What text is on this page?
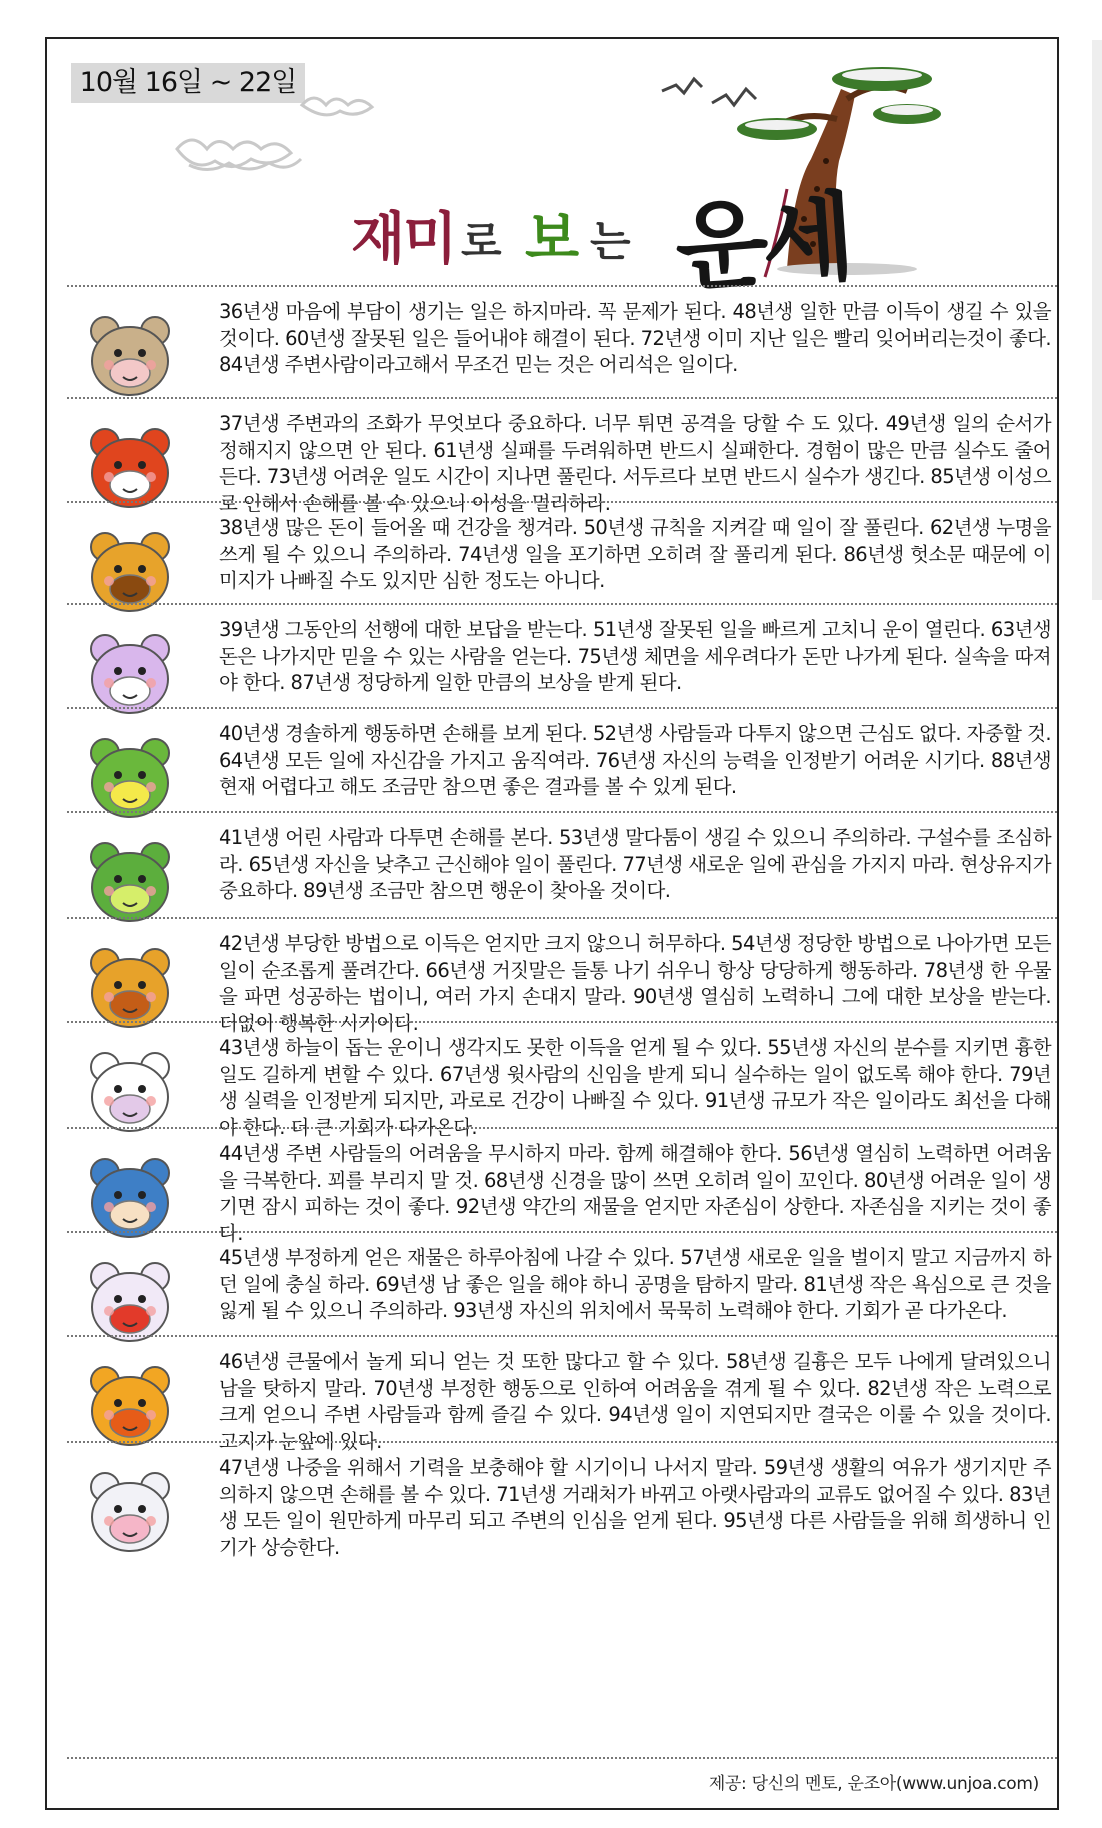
10월 16일 ~ 22일
재미 로 보 는 운세

36년생 마음에 부담이 생기는 일은 하지마라. 꼭 문제가 된다. 48년생 일한 만큼 이득이 생길 수 있을 것이다. 60년생 잘못된 일은 들어내야 해결이 된다. 72년생 이미 지난 일은 빨리 잊어버리는것이 좋다. 84년생 주변사람이라고해서 무조건 믿는 것은 어리석은 일이다.

37년생 주변과의 조화가 무엇보다 중요하다. 너무 튀면 공격을 당할 수 도 있다. 49년생 일의 순서가 정해지지 않으면 안 된다. 61년생 실패를 두려워하면 반드시 실패한다. 경험이 많은 만큼 실수도 줄어든다. 73년생 어려운 일도 시간이 지나면 풀린다. 서두르다 보면 반드시 실수가 생긴다. 85년생 이성으로 인해서 손해를 볼 수 있으니 이성을 멀리하라.

38년생 많은 돈이 들어올 때 건강을 챙겨라. 50년생 규칙을 지켜갈 때 일이 잘 풀린다. 62년생 누명을 쓰게 될 수 있으니 주의하라. 74년생 일을 포기하면 오히려 잘 풀리게 된다. 86년생 헛소문 때문에 이미지가 나빠질 수도 있지만 심한 정도는 아니다.

39년생 그동안의 선행에 대한 보답을 받는다. 51년생 잘못된 일을 빠르게 고치니 운이 열린다. 63년생 돈은 나가지만 믿을 수 있는 사람을 얻는다. 75년생 체면을 세우려다가 돈만 나가게 된다. 실속을 따져야 한다. 87년생 정당하게 일한 만큼의 보상을 받게 된다.

40년생 경솔하게 행동하면 손해를 보게 된다. 52년생 사람들과 다투지 않으면 근심도 없다. 자중할 것. 64년생 모든 일에 자신감을 가지고 움직여라. 76년생 자신의 능력을 인정받기 어려운 시기다. 88년생 현재 어렵다고 해도 조금만 참으면 좋은 결과를 볼 수 있게 된다.

41년생 어린 사람과 다투면 손해를 본다. 53년생 말다툼이 생길 수 있으니 주의하라. 구설수를 조심하라. 65년생 자신을 낮추고 근신해야 일이 풀린다. 77년생 새로운 일에 관심을 가지지 마라. 현상유지가 중요하다. 89년생 조금만 참으면 행운이 찾아올 것이다.

42년생 부당한 방법으로 이득은 얻지만 크지 않으니 허무하다. 54년생 정당한 방법으로 나아가면 모든 일이 순조롭게 풀려간다. 66년생 거짓말은 들통 나기 쉬우니 항상 당당하게 행동하라. 78년생 한 우물을 파면 성공하는 법이니, 여러 가지 손대지 말라. 90년생 열심히 노력하니 그에 대한 보상을 받는다. 더없이 행복한 시기이다.

43년생 하늘이 돕는 운이니 생각지도 못한 이득을 얻게 될 수 있다. 55년생 자신의 분수를 지키면 흉한 일도 길하게 변할 수 있다. 67년생 윗사람의 신임을 받게 되니 실수하는 일이 없도록 해야 한다. 79년생 실력을 인정받게 되지만, 과로로 건강이 나빠질 수 있다. 91년생 규모가 작은 일이라도 최선을 다해야 한다. 더 큰 기회가 다가온다.

44년생 주변 사람들의 어려움을 무시하지 마라. 함께 해결해야 한다. 56년생 열심히 노력하면 어려움을 극복한다. 꾀를 부리지 말 것. 68년생 신경을 많이 쓰면 오히려 일이 꼬인다. 80년생 어려운 일이 생기면 잠시 피하는 것이 좋다. 92년생 약간의 재물을 얻지만 자존심이 상한다. 자존심을 지키는 것이 좋다.

45년생 부정하게 얻은 재물은 하루아침에 나갈 수 있다. 57년생 새로운 일을 벌이지 말고 지금까지 하던 일에 충실 하라. 69년생 남 좋은 일을 해야 하니 공명을 탐하지 말라. 81년생 작은 욕심으로 큰 것을 잃게 될 수 있으니 주의하라. 93년생 자신의 위치에서 묵묵히 노력해야 한다. 기회가 곧 다가온다.

46년생 큰물에서 놀게 되니 얻는 것 또한 많다고 할 수 있다. 58년생 길흉은 모두 나에게 달려있으니 남을 탓하지 말라. 70년생 부정한 행동으로 인하여 어려움을 겪게 될 수 있다. 82년생 작은 노력으로 크게 얻으니 주변 사람들과 함께 즐길 수 있다. 94년생 일이 지연되지만 결국은 이룰 수 있을 것이다. 고지가 눈앞에 있다.

47년생 나중을 위해서 기력을 보충해야 할 시기이니 나서지 말라. 59년생 생활의 여유가 생기지만 주의하지 않으면 손해를 볼 수 있다. 71년생 거래처가 바뀌고 아랫사람과의 교류도 없어질 수 있다. 83년생 모든 일이 원만하게 마무리 되고 주변의 인심을 얻게 된다. 95년생 다른 사람들을 위해 희생하니 인기가 상승한다.

제공: 당신의 멘토, 운조아(www.unjoa.com)
